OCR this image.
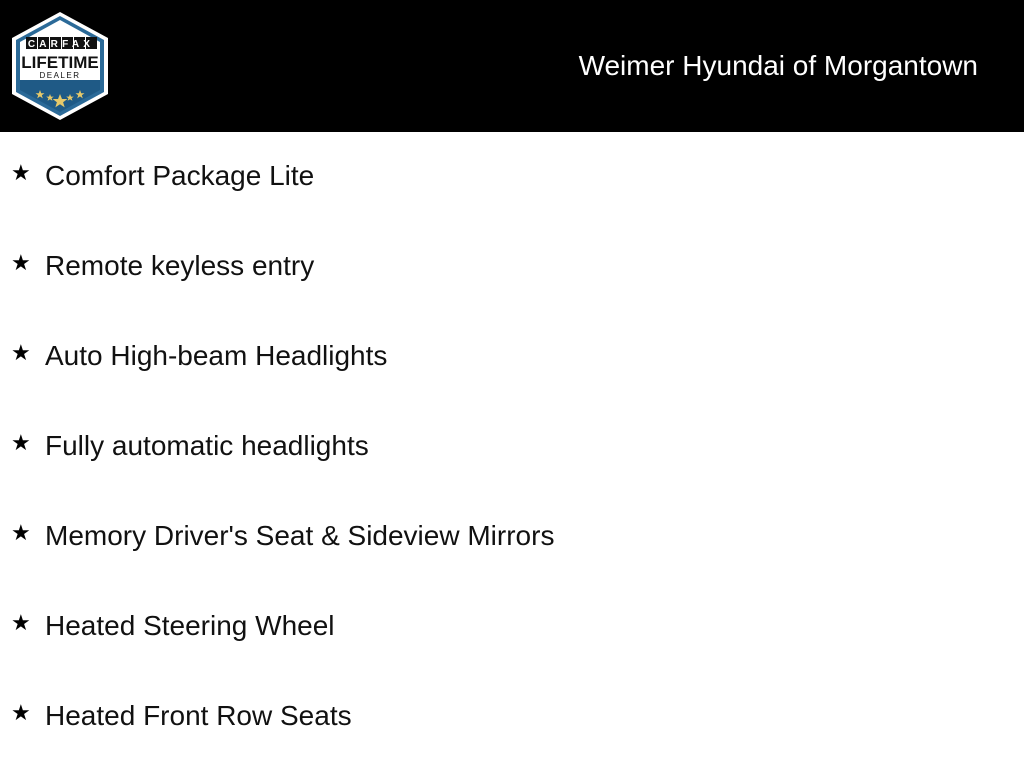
CARFAX
LIFETIME
DEALER	Weimer Hyundai of Morgantown
★ Comfort Package Lite
★ Remote keyless entry
★ Auto High-beam Headlights
★ Fully automatic headlights
★ Memory Driver's Seat & Sideview Mirrors
★ Heated Steering Wheel
★ Heated Front Row Seats
